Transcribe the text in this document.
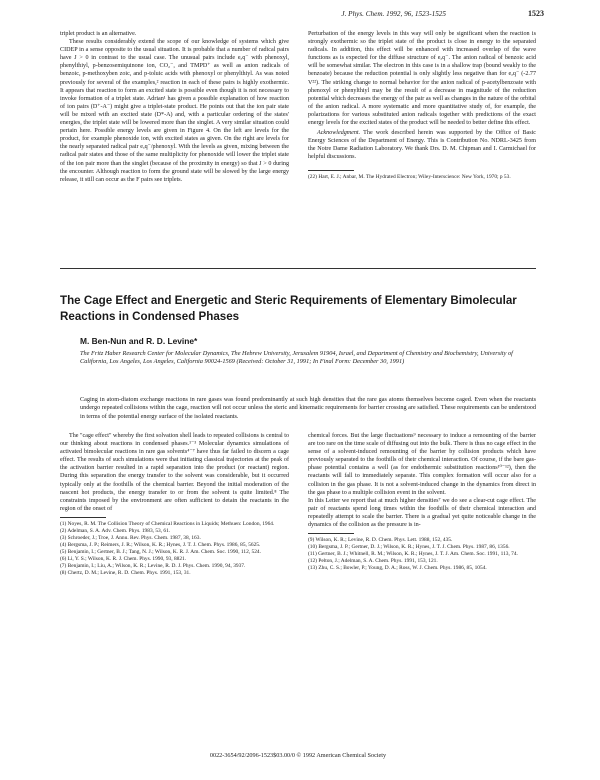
J. Phys. Chem. 1992, 96, 1523-1525	1523

triplet product is an alternative.

These results considerably extend the scope of our knowledge of systems which give CIDEP in a sense opposite to the usual situation. It is probable that a number of radical pairs have J > 0 in contrast to the usual case. The unusual pairs include eₐq⁻ with phenoxyl, phenylthiyl, p-benzosemiquinone ion, CO₂⁻, and TMPD⁺ as well as anion radicals of benzoic, p-methoxyben zoic, and p-toluic acids with phenoxyl or phenylthiyl. As was noted previously for several of the examples,² reaction in each of these pairs is highly exothermic. It appears that reaction to form an excited state is possible even though it is not necessary to invoke formation of a triplet state. Adrian¹ has given a possible explanation of how reaction of ion pairs (D⁺-A⁻) might give a triplet-state product. He points out that the ion pair state will be mixed with an excited state (D*-A) and, with a particular ordering of the states' energies, the triplet state will be lowered more than the singlet. A very similar situation could pertain here. Possible energy levels are given in Figure 4. On the left are levels for the product, for example phenoxide ion, with excited states as given. On the right are levels for the nearly separated radical pair eₐq⁻/phenoxyl. With the levels as given, mixing between the radical pair states and those of the same multiplicity for phenoxide will lower the triplet state of the ion pair more than the singlet (because of the proximity in energy) so that J > 0 during the encounter. Although reaction to form the ground state will be slowed by the large energy release, it still can occur as the F pairs see triplets.

Perturbation of the energy levels in this way will only be significant when the reaction is strongly exothermic so the triplet state of the product is close in energy to the separated radicals. In addition, this effect will be enhanced with increased overlap of the wave functions as is expected for the diffuse structure of eₐq⁻. The anion radical of benzoic acid will be somewhat similar. The electron in this case is in a shallow trap (bound weakly to the benzoate) because the reduction potential is only slightly less negative than for eₐq⁻ (-2.77 V²²). The striking change to normal behavior for the anion radical of p-acetylbenzoate with phenoxyl or phenylthiyl may be the result of a decrease in magnitude of the reduction potential which decreases the energy of the pair as well as changes in the nature of the orbital of the anion radical. A more systematic and more quantitative study of, for example, the polarizations for various substituted anion radicals together with predictions of the exact energy levels for the excited states of the product will be needed to better define this effect.

Acknowledgment. The work described herein was supported by the Office of Basic Energy Sciences of the Department of Energy. This is Contribution No. NDRL-3425 from the Notre Dame Radiation Laboratory. We thank Drs. D. M. Chipman and I. Carmichael for helpful discussions.

(22) Hart, E. J.; Anbar, M. The Hydrated Electron; Wiley-Interscience: New York, 1970; p 53.
The Cage Effect and Energetic and Steric Requirements of Elementary Bimolecular Reactions in Condensed Phases
M. Ben-Nun and R. D. Levine*
The Fritz Haber Research Center for Molecular Dynamics, The Hebrew University, Jerusalem 91904, Israel, and Department of Chemistry and Biochemistry, University of California, Los Angeles, Los Angeles, California 90024-1569 (Received: October 31, 1991; In Final Form: December 30, 1991)
Caging in atom-diatom exchange reactions in rare gases was found predominantly at such high densities that the rare gas atoms themselves become caged. Even when the reactants undergo repeated collisions within the cage, reaction will not occur unless the steric and kinematic requirements for barrier crossing are satisfied. These requirements can be understood in terms of the potential energy surface of the isolated reactants.

The "cage effect" whereby the first solvation shell leads to repeated collisions is central to our thinking about reactions in condensed phases.¹⁻³ Molecular dynamics simulations of activated bimolecular reactions in rare gas solvents⁴⁻⁷ have thus far failed to discern a cage effect. The results of such simulations were that initiating classical trajectories at the peak of the activation barrier resulted in a rapid separation into the product (or reactant) region. During this separation the energy transfer to the solvent was considerable, but it occurred typically only at the foothills of the chemical barrier. Beyond the initial moderation of the nascent hot products, the energy transfer to or from the solvent is quite limited.⁸ The constraints imposed by the environment are often sufficient to detain the reactants in the region of the onset of

(1) Noyes, R. M. The Collision Theory of Chemical Reactions in Liquids; Methuen: London, 1964.
(2) Adelman, S. A. Adv. Chem. Phys. 1983, 53, 61.
(3) Schroeder, J.; Troe, J. Annu. Rev. Phys. Chem. 1987, 38, 163.
(4) Bergsma, J. P.; Reimers, J. R.; Wilson, K. R.; Hynes, J. T. J. Chem. Phys. 1986, 85, 5625.
(5) Benjamin, I.; Gertner, B. J.; Tang, N. J.; Wilson, K. R. J. Am. Chem. Soc. 1990, 112, 524.
(6) Li, Y. S.; Wilson, K. R. J. Chem. Phys. 1990, 93, 8821.
(7) Benjamin, I.; Liu, A.; Wilson, K. R.; Levine, R. D. J. Phys. Chem. 1990, 94, 3937.
(8) Chertz, D. M.; Levine, R. D. Chem. Phys. 1991, 153, 31.

chemical forces. But the large fluctuations⁹ necessary to induce a remounting of the barrier are too rare on the time scale of diffusing out into the bulk. There is thus no cage effect in the sense of a solvent-induced remounting of the barrier by collision products which have previously separated to the foothills of their chemical interaction. Of course, if the bare gas-phase potential contains a well (as for endothermic substitution reactions¹⁰⁻¹²), then the reactants will fall to immediately separate. This complex formation will occur also for a collision in the gas phase. It is not a solvent-induced change in the dynamics from direct in the gas phase to a multiple collision event in the solvent.
In this Letter we report that at much higher densities⁷ we do see a clear-cut cage effect. The pair of reactants spend long times within the foothills of their chemical interaction and repeatedly attempt to scale the barrier. There is a gradual yet quite noticeable change in the dynamics of the collision as the pressure is in-

(9) Wilson, K. R.; Levine, R. D. Chem. Phys. Lett. 1988, 152, 435.
(10) Bergsma, J. P.; Gertner, D. J.; Wilson, K. R.; Hynes, J. T. J. Chem. Phys. 1987, 86, 1356.
(11) Gertner, B. J.; Whitnell, R. M.; Wilson, K. R.; Hynes, J. T. J. Am. Chem. Soc. 1991, 113, 74.
(12) Pelton, J.; Adelman, S. A. Chem. Phys. 1991, 153, 121.
(13) Zhu, C. S.; Bowler, P.; Young, D. A.; Ross, W. J. Chem. Phys. 1986, 85, 1054.
0022-3654/92/2096-1523$03.00/0 © 1992 American Chemical Society
